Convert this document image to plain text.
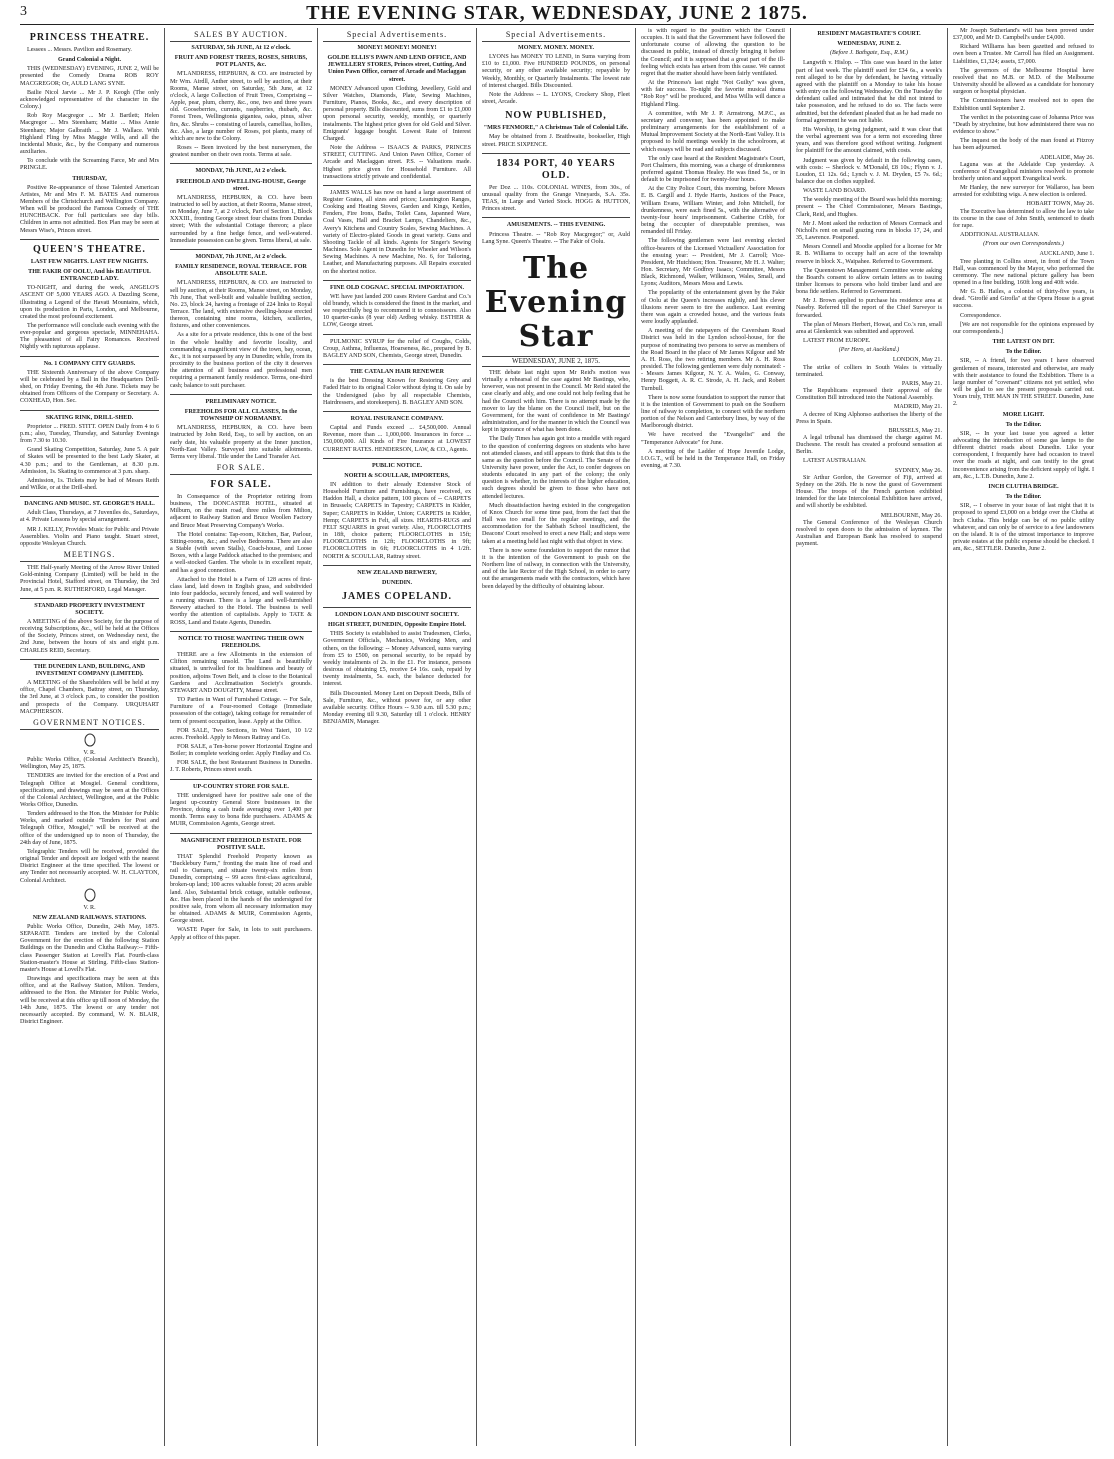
3	THE EVENING STAR, WEDNESDAY, JUNE 2 1875.
PRINCESS THEATRE.

Lessees ... Messrs. Pavilion and Rosemary.

Grand Colonial a Night.

THIS (WEDNESDAY) EVENING, JUNE 2, Will be presented the Comedy Drama ROB ROY MACGREGOR; Or, AULD LANG SYNE.

Bailie Nicol Jarvie ... Mr J. P. Keogh (The only acknowledged representative of the character in the Colony.)

Rob Roy Macgregor ... Mr J. Bartlett; Helen Macgregor ... Mrs Steenham; Mattie ... Miss Annie Steenham; Major Galbraith ... Mr J. Wallace. With Highland Fling by Miss Maggie Wills, and all the incidental Music, &c., by the Company and numerous auxiliaries.

To conclude with the Screaming Farce, Mr and Mrs PRINGLE.

THURSDAY,

Positive Re-appearance of those Talented American Artistes, Mr and Mrs F. M. BATES And numerous Members of the Christchurch and Wellington Company. When will be produced the Famous Comedy of THE HUNCHBACK. For full particulars see day bills. Children in arms not admitted. Box Plan may be seen at Messrs Wise's, Princes street.

QUEEN'S THEATRE.
LAST FEW NIGHTS. LAST FEW NIGHTS.
THE FAKIR OF OOLU, And his BEAUTIFUL ENTRANCED LADY.

TO-NIGHT, and during the week, ANGELO'S ASCENT OF 5,000 YEARS AGO. A Dazzling Scene, illustrating a Legend of the Havati Mountains, which, upon its production in Paris, London, and Melbourne, created the most profound excitement.

The performance will conclude each evening with the ever-popular and gorgeous spectacle, MINNEHAHA. The pleasantest of all Fairy Romances. Received Nightly with rapturous applause.

No. 1 COMPANY CITY GUARDS.

THE Sixteenth Anniversary of the above Company will be celebrated by a Ball in the Headquarters Drill-shed, on Friday Evening, the 4th June. Tickets may be obtained from Officers of the Company or Secretary. A. COXHEAD, Hon. Sec.

SKATING RINK, DRILL-SHED.

Proprietor ... FRED. STITT. OPEN Daily from 4 to 6 p.m.; also, Tuesday, Thursday, and Saturday Evenings from 7.30 to 10.30.

Grand Skating Competition, Saturday, June 5. A pair of Skates will be presented to the best Lady Skater, at 4.30 p.m.; and to the Gentleman, at 8.30 p.m. Admission, 1s. Skating to commence at 3 p.m. sharp.

Admission, 1s. Tickets may be had of Messrs Reith and Wilkie, or at the Drill-shed.

DANCING AND MUSIC. ST. GEORGE'S HALL.

Adult Class, Thursdays, at 7 Juveniles do., Saturdays, at 4. Private Lessons by special arrangement.

MR J. KELLY, Provides Music for Public and Private Assemblies. Violin and Piano taught. Stuart street, opposite Wesleyan Church.

MEETINGS.

THE Half-yearly Meeting of the Arrow River United Gold-mining Company (Limited) will be held in the Provincial Hotel, Stafford street, on Thursday, the 3rd June, at 5 p.m. R. RUTHERFORD, Legal Manager.

STANDARD PROPERTY INVESTMENT SOCIETY.

A MEETING of the above Society, for the purpose of receiving Subscriptions, &c., will be held at the Offices of the Society, Princes street, on Wednesday next, the 2nd June, between the hours of six and eight p.m. CHARLES REID, Secretary.

THE DUNEDIN LAND, BUILDING, AND INVESTMENT COMPANY (LIMITED).

A MEETING of the Shareholders will be held at my office, Chapel Chambers, Battray street, on Thursday, the 3rd June, at 3 o'clock p.m., to consider the position and prospects of the Company. URQUHART MACPHERSON.

GOVERNMENT NOTICES.
V. R.

Public Works Office, (Colonial Architect's Branch), Wellington, May 25, 1875.

TENDERS are invited for the erection of a Post and Telegraph Office at Mosgiel. General conditions, specifications, and drawings may be seen at the Offices of the Colonial Architect, Wellington, and at the Public Works Office, Dunedin.

Tenders addressed to the Hon. the Minister for Public Works, and marked outside "Tenders for Post and Telegraph Office, Mosgiel," will be received at the office of the undersigned up to noon of Thursday, the 24th day of June, 1875.

Telegraphic Tenders will be received, provided the original Tender and deposit are lodged with the nearest District Engineer at the time specified. The lowest or any Tender not necessarily accepted. W. H. CLAYTON, Colonial Architect.

V. R.
NEW ZEALAND RAILWAYS. STATIONS.

Public Works Office, Dunedin, 24th May, 1875. SEPARATE Tenders are invited by the Colonial Government for the erection of the following Station Buildings on the Dunedin and Clutha Railway:-- Fifth-class Passenger Station at Lovell's Flat. Fourth-class Station-master's House at Stirling. Fifth-class Station-master's House at Lovell's Flat.

Drawings and specifications may be seen at this office, and at the Railway Station, Milton. Tenders, addressed to the Hon. the Minister for Public Works, will be received at this office up till noon of Monday, the 14th June, 1875. The lowest or any tender not necessarily accepted. By command, W. N. BLAIR, District Engineer.

SALES BY AUCTION.
SATURDAY, 5th JUNE, At 12 o'clock.
FRUIT AND FOREST TREES, ROSES, SHRUBS, POT PLANTS, &c.

M'LANDRESS, HEPBURN, & CO. are instructed by Mr Wm. Airdll, Anther street, to sell by auction, at their Rooms, Manse street, on Saturday, 5th June, at 12 o'clock, A large Collection of Fruit Trees, Comprising -- Apple, pear, plum, cherry, &c., one, two and three years old. Gooseberries, currants, raspberries, rhubarb, &c. Forest Trees, Wellingtonia gigantea, oaks, pinus, silver firs, &c. Shrubs -- consisting of laurels, camellias, hollies, &c. Also, a large number of Roses, pot plants, many of which are new to the Colony.

Roses -- Been invoiced by the best nurserymen, the greatest number on their own roots. Terms at sale.

MONDAY, 7th JUNE, At 2 o'clock.
FREEHOLD AND DWELLING-HOUSE, George street.

M'LANDRESS, HEPBURN, & CO. have been instructed to sell by auction, at their Rooms, Manse street, on Monday, June 7, at 2 o'clock, Part of Section 1, Block XXXIII., fronting George street four chains from Dundas street; With the substantial Cottage thereon; a place surrounded by a fine hedge fence, and well-watered. Immediate possession can be given. Terms liberal, at sale.

MONDAY, 7th JUNE, At 2 o'clock.
FAMILY RESIDENCE, ROYAL TERRACE. FOR ABSOLUTE SALE.

M'LANDRESS, HEPBURN, & CO. are instructed to sell by auction, at their Rooms, Manse street, on Monday, 7th June, That well-built and valuable building section, No. 23, block 24, having a frontage of 224 links to Royal Terrace. The land, with extensive dwelling-house erected thereon, containing nine rooms, kitchen, sculleries, fixtures, and other conveniences.

As a site for a private residence, this is one of the best in the whole healthy and favorite locality, and commanding a magnificent view of the town, bay, ocean, &c., it is not surpassed by any in Dunedin; while, from its proximity to the business portion of the city it deserves the attention of all business and professional men requiring a permanent family residence. Terms, one-third cash; balance to suit purchaser.

PRELIMINARY NOTICE.
FREEHOLDS FOR ALL CLASSES, In the TOWNSHIP OF NORMANBY.

M'LANDRESS, HEPBURN, & CO. have been instructed by John Reid, Esq., to sell by auction, on an early date, his valuable property at the Inner junction, North-East Valley. Surveyed into suitable allotments. Terms very liberal. Title under the Land Transfer Act.

FOR SALE.
FOR SALE.

In Consequence of the Proprietor retiring from business, The DONCASTER HOTEL, situated at Milburn, on the main road, three miles from Milton, adjacent to Railway Station and Bruce Woollen Factory and Bruce Meat Preserving Company's Works.

The Hotel contains: Tap-room, Kitchen, Bar, Parlour, Sitting-rooms, &c.; and twelve Bedrooms. There are also a Stable (with seven Stalls), Coach-house, and Loose Boxes, with a large Paddock attached to the premises; and a well-stocked Garden. The whole is in excellent repair, and has a good connection.

Attached to the Hotel is a Farm of 128 acres of first-class land, laid down in English grass, and subdivided into four paddocks, securely fenced, and well watered by a running stream. There is a large and well-furnished Brewery attached to the Hotel. The business is well worthy the attention of capitalists. Apply to TATE & ROSS, Land and Estate Agents, Dunedin.

NOTICE TO THOSE WANTING THEIR OWN FREEHOLDS.

THERE are a few Allotments in the extension of Clifton remaining unsold. The Land is beautifully situated, is unrivalled for its healthiness and beauty of position, adjoins Town Belt, and is close to the Botanical Gardens and Acclimatisation Society's grounds. STEWART AND DOUGHTY, Manse street.

TO Parties in Want of Furnished Cottage. -- For Sale, Furniture of a Four-roomed Cottage (Immediate possession of the cottage), taking cottage for remainder of term of present occupation, lease. Apply at the Office.

FOR SALE, Two Sections, in West Taieri, 10 1/2 acres. Freehold. Apply to Messrs Rattray and Co.

FOR SALE, a Ten-horse power Horizontal Engine and Boiler; in complete working order. Apply Findlay and Co.

FOR SALE, the best Restaurant Business in Dunedin. J. T. Roberts, Princes street south.

UP-COUNTRY STORE FOR SALE.

THE undersigned have for positive sale one of the largest up-country General Store businesses in the Province, doing a cash trade averaging over 1,400 per month. Terms easy to bona fide purchasers. ADAMS & MUIR, Commission Agents, George street.

MAGNIFICENT FREEHOLD ESTATE. FOR POSITIVE SALE.

THAT Splendid Freehold Property known as "Bucklebury Farm," fronting the main line of road and rail to Oamaru, and situate twenty-six miles from Dunedin, comprising -- 99 acres first-class agricultural, broken-up land; 100 acres valuable forest; 20 acres arable land. Also, Substantial brick cottage, suitable outhouse, &c. Has been placed in the hands of the undersigned for positive sale, from whom all necessary information may be obtained. ADAMS & MUIR, Commission Agents, George street.

WASTE Paper for Sale, in lots to suit purchasers. Apply at office of this paper.

Special Advertisements.
MONEY! MONEY! MONEY!
GOLDE ELLIS'S PAWN AND LEND OFFICE, AND JEWELLERY STORES, Princes street, Cutting, And Union Pawn Office, corner of Arcade and Maclaggan street.

MONEY Advanced upon Clothing, Jewellery, Gold and Silver Watches, Diamonds, Plate, Sewing Machines, Furniture, Pianos, Books, &c., and every description of personal property. Bills discounted, sums from £1 to £1,000 upon personal security, weekly, monthly, or quarterly instalments. The highest price given for old Gold and Silver. Emigrants' luggage bought. Lowest Rate of Interest Charged.

Note the Address -- ISAACS & PARKS, PRINCES STREET, CUTTING. And Union Pawn Office, Corner of Arcade and Maclaggan street. P.S. -- Valuations made. Highest price given for Household Furniture. All transactions strictly private and confidential.

JAMES WALLS has now on hand a large assortment of Register Grates, all sizes and prices; Leamington Ranges, Cooking and Heating Stoves, Garden and Kings, Kettles, Fenders, Fire Irons, Baths, Toilet Cans, Japanned Ware, Coal Vases, Hall and Bracket Lamps, Chandeliers, &c., Avery's Kitchens and Country Scales, Sewing Machines. A variety of Electro-plated Goods in great variety. Guns and Shooting Tackle of all kinds. Agents for Singer's Sewing Machines. Sole Agent in Dunedin for Wheeler and Wilson's Sewing Machines. A new Machine, No. 6, for Tailoring, Leather, and Manufacturing purposes. All Repairs executed on the shortest notice.

FINE OLD COGNAC. SPECIAL IMPORTATION.

WE have just landed 200 cases Riviere Gardrat and Co.'s old brandy, which is considered the finest in the market, and we respectfully beg to recommend it to connoisseurs. Also 10 quarter-casks (8 year old) Ardbeg whisky. ESTHER & LOW, George street.

PULMONIC SYRUP for the relief of Coughs, Colds, Croup, Asthma, Influenza, Hoarseness, &c., prepared by B. BAGLEY AND SON, Chemists, George street, Dunedin.

THE CATALAN HAIR RENEWER

is the best Dressing Known for Restoring Grey and Faded Hair to its original Color without dying it. On sale by the Undersigned (also by all respectable Chemists, Hairdressers, and storekeepers). B. BAGLEY AND SON.

ROYAL INSURANCE COMPANY.

Capital and Funds exceed ... £4,500,000. Annual Revenue, more than ... 1,000,000. Insurances in force ... 150,000,000. All Kinds of Fire Insurance at LOWEST CURRENT RATES. HENDERSON, LAW, & CO., Agents.

PUBLIC NOTICE.
NORTH & SCOULLAR, IMPORTERS,

IN addition to their already Extensive Stock of Household Furniture and Furnishings, have received, ex Haddon Hall, a choice pattern, 100 pieces of -- CARPETS in Brussels; CARPETS in Tapestry; CARPETS in Kidder, Super; CARPETS in Kidder, Union; CARPETS in Kidder, Hemp; CARPETS in Felt, all sizes. HEARTH-RUGS and FELT SQUARES in great variety. Also, FLOORCLOTHS in 18ft, choice pattern; FLOORCLOTHS in 15ft; FLOORCLOTHS in 12ft; FLOORCLOTHS in 9ft; FLOORCLOTHS in 6ft; FLOORCLOTHS in 4 1/2ft. NORTH & SCOULLAR, Rattray street.

NEW ZEALAND BREWERY,
DUNEDIN.
JAMES COPELAND.
LONDON LOAN AND DISCOUNT SOCIETY.
HIGH STREET, DUNEDIN, Opposite Empire Hotel.

THIS Society is established to assist Tradesmen, Clerks, Government Officials, Mechanics, Working Men, and others, on the following: -- Money Advanced, sums varying from £5 to £500, on personal security, to be repaid by weekly instalments of 2s. in the £1. For instance, persons desirous of obtaining £5, receive £4 16s. cash, repaid by twenty instalments, 5s. each, the balance deducted for interest.

Bills Discounted. Money Lent on Deposit Deeds, Bills of Sale, Furniture, &c., without power for, or any other available security. Office Hours -- 9.30 a.m. till 5.30 p.m.; Monday evening till 9.30, Saturday till 1 o'clock. HENRY BENJAMIN, Manager.

Special Advertisements.
MONEY. MONEY. MONEY.

LYONS has MONEY TO LEND, in Sums varying from £10 to £1,000. Five HUNDRED POUNDS, on personal security, or any other available security; repayable by Weekly, Monthly, or Quarterly Instalments. The lowest rate of interest charged. Bills Discounted.

Note the Address -- L. LYONS, Crockery Shop, Fleet street, Arcade.

NOW PUBLISHED,
"MRS FENMORE," A Christmas Tale of Colonial Life.

May be obtained from J. Braithwaite, bookseller, High street. PRICE SIXPENCE.

1834 PORT, 40 YEARS OLD.

Per Doz ... 110s. COLONIAL WINES, from 30s., of unusual quality from the Grange Vineyards, S.A. 35s. TEAS, in Large and Varied Stock. HOGG & HUTTON, Princes street.

AMUSEMENTS. -- THIS EVENING.

Princess Theatre. -- "Rob Roy Macgregor;" or, Auld Lang Syne. Queen's Theatre. -- The Fakir of Oolu.

The Evening Star
WEDNESDAY, JUNE 2, 1875.

THE debate last night upon Mr Reid's motion was virtually a rehearsal of the case against Mr Bastings, who, however, was not present in the Council. Mr Reid stated the case clearly and ably, and one could not help feeling that he had the Council with him. There is no attempt made by the mover to lay the blame on the Council itself, but on the Government, for the want of confidence in Mr Bastings' administration, and for the manner in which the Council was kept in ignorance of what has been done.

The Daily Times has again got into a muddle with regard to the question of conferring degrees on students who have not attended classes, and still appears to think that this is the same as the question before the Council. The Senate of the University have power, under the Act, to confer degrees on students educated in any part of the colony; the only question is whether, in the interests of the higher education, such degrees should be given to those who have not attended lectures.

Much dissatisfaction having existed in the congregation of Knox Church for some time past, from the fact that the Hall was too small for the regular meetings, and the accommodation for the Sabbath School insufficient, the Deacons' Court resolved to erect a new Hall; and steps were taken at a meeting held last night with that object in view.

There is now some foundation to support the rumor that it is the intention of the Government to push on the Northern line of railway, in connection with the University, and of the late Rector of the High School, in order to carry out the arrangements made with the contractors, which have been delayed by the difficulty of obtaining labour.

is with regard to the position which the Council occupies. It is said that the Government have followed the unfortunate course of allowing the question to be discussed in public, instead of directly bringing it before the Council; and it is supposed that a great part of the ill-feeling which exists has arisen from this cause. We cannot regret that the matter should have been fairly ventilated.

At the Princess's last night "Not Guilty" was given, with fair success. To-night the favorite musical drama "Rob Roy" will be produced, and Miss Willis will dance a Highland Fling.

A committee, with Mr J. P. Armstrong, M.P.C., as secretary and convener, has been appointed to make preliminary arrangements for the establishment of a Mutual Improvement Society at the North-East Valley. It is proposed to hold meetings weekly in the schoolroom, at which essays will be read and subjects discussed.

The only case heard at the Resident Magistrate's Court, Port Chalmers, this morning, was a charge of drunkenness preferred against Thomas Healey. He was fined 5s., or in default to be imprisoned for twenty-four hours.

At the City Police Court, this morning, before Messrs E. B. Cargill and J. Hyde Harris, Justices of the Peace, William Evans, William Winter, and John Mitchell, for drunkenness, were each fined 5s., with the alternative of twenty-four hours' imprisonment. Catherine Cribb, for being the occupier of disreputable premises, was remanded till Friday.

The following gentlemen were last evening elected office-bearers of the Licensed Victuallers' Association for the ensuing year: -- President, Mr J. Carroll; Vice-President, Mr Hutchison; Hon. Treasurer, Mr H. J. Walter; Hon. Secretary, Mr Godfrey Isaacs; Committee, Messrs Black, Richmond, Walker, Wilkinson, Wales, Small, and Lyons; Auditors, Messrs Moss and Lewis.

The popularity of the entertainment given by the Fakir of Oolu at the Queen's increases nightly, and his clever illusions never seem to tire the audience. Last evening there was again a crowded house, and the various feats were loudly applauded.

A meeting of the ratepayers of the Caversham Road District was held in the Lyndon school-house, for the purpose of nominating two persons to serve as members of the Road Board in the place of Mr James Kilgour and Mr A. H. Ross, the two retiring members. Mr A. H. Ross presided. The following gentlemen were duly nominated: -- Messrs James Kilgour, N. Y. A. Wales, G. Conway, Henry Boggett, A. R. C. Strode, A. H. Jack, and Robert Turnbull.

There is now some foundation to support the rumor that it is the intention of Government to push on the Southern line of railway to completion, to connect with the northern portion of the Nelson and Canterbury lines, by way of the Marlborough district.

We have received the "Evangelist" and the "Temperance Advocate" for June.

A meeting of the Ladder of Hope Juvenile Lodge, I.O.G.T., will be held in the Temperance Hall, on Friday evening, at 7.30.

RESIDENT MAGISTRATE'S COURT.
WEDNESDAY, JUNE 2.
(Before J. Bathgate, Esq., R.M.)

Langwith v. Hislop. -- This case was heard in the latter part of last week. The plaintiff sued for £34 6s., a week's rent alleged to be due by defendant, he having virtually agreed with the plaintiff on a Monday to take his house with entry on the following Wednesday. On the Tuesday the defendant called and intimated that he did not intend to take possession, and he refused to do so. The facts were admitted, but the defendant pleaded that as he had made no formal agreement he was not liable.

His Worship, in giving judgment, said it was clear that the verbal agreement was for a term not exceeding three years, and was therefore good without writing. Judgment for plaintiff for the amount claimed, with costs.

Judgment was given by default in the following cases, with costs: -- Sherlock v. M'Donald, £8 10s.; Flynn v. J. Loudon, £1 12s. 6d.; Lynch v. J. M. Dryden, £5 7s. 6d.; balance due on clothes supplied.

WASTE LAND BOARD.

The weekly meeting of the Board was held this morning; present -- The Chief Commissioner, Messrs Bastings, Clark, Reid, and Hughes.

Mr J. Mont asked the reduction of Messrs Cormack and Nicholl's rent on small grazing runs in blocks 17, 24, and 35, Lawrence. Postponed.

Messrs Connell and Moodie applied for a license for Mr R. B. Williams to occupy half an acre of the township reserve in block X., Waipahee. Referred to Government.

The Queenstown Management Committee wrote asking the Board's consent to allow certain letters as to issuing timber licenses to persons who hold timber land and are bona fide settlers. Referred to Government.

Mr J. Brown applied to purchase his residence area at Naseby. Referred till the report of the Chief Surveyor is forwarded.

The plan of Messrs Herbert, Howat, and Co.'s run, small area at Glenkenick was submitted and approved.

LATEST FROM EUROPE.

(Per Hero, at Auckland.)
LONDON, May 21.

The strike of colliers in South Wales is virtually terminated.

PARIS, May 21.

The Republicans expressed their approval of the Constitution Bill introduced into the National Assembly.

MADRID, May 21.

A decree of King Alphonso authorises the liberty of the Press in Spain.

BRUSSELS, May 21.

A legal tribunal has dismissed the charge against M. Duchesne. The result has created a profound sensation at Berlin.

LATEST AUSTRALIAN.

SYDNEY, May 26.

Sir Arthur Gordon, the Governor of Fiji, arrived at Sydney on the 26th. He is now the guest of Government House. The troops of the French garrison exhibited intended for the late Intercolonial Exhibition have arrived, and will shortly be exhibited.

MELBOURNE, May 26.

The General Conference of the Wesleyan Church resolved to open doors to the admission of laymen. The Australian and European Bank has resolved to suspend payment.

Mr Joseph Sutherland's will has been proved under £37,000, and Mr D. Campbell's under £4,000.

Richard Williams has been gazetted and refused to own been a Trustee. Mr Carroll has filed an Assignment. Liabilities, £1,324; assets, £7,000.

The governors of the Melbourne Hospital have resolved that no M.B. or M.D. of the Melbourne University should be allowed as a candidate for honorary surgeon or hospital physician.

The Commissioners have resolved not to open the Exhibition until September 2.

The verdict in the poisoning case of Johanna Price was "Death by strychnine, but how administered there was no evidence to show."

The inquest on the body of the man found at Fitzroy has been adjourned.

ADELAIDE, May 26.

Laguna was at the Adelaide Cup yesterday. A conference of Evangelical ministers resolved to promote brotherly union and support Evangelical work.

Mr Hanley, the new surveyor for Wallaroo, has been arrested for exhibiting wigs. A new election is ordered.

HOBART TOWN, May 26.

The Executive has determined to allow the law to take its course in the case of John Smith, sentenced to death for rape.

ADDITIONAL AUSTRALIAN.

(From our own Correspondents.)
AUCKLAND, June 1.

Tree planting in Collins street, in front of the Town Hall, was commenced by the Mayor, who performed the ceremony. The new national picture gallery has been opened in a fine building, 160ft long and 40ft wide.

Mr G. B. Hailes, a colonist of thirty-five years, is dead. "Giroflé and Girofla" at the Opera House is a great success.

Correspondence.

[We are not responsible for the opinions expressed by our correspondents.]

THE LATEST ON DIT.
To the Editor.

SIR, -- A friend, for two years I have observed gentlemen of means, interested and otherwise, are ready with their assistance to found the Exhibition. There is a large number of "covenant" citizens not yet settled, who will be glad to see the present proposals carried out. Yours truly, THE MAN IN THE STREET. Dunedin, June 2.

MORE LIGHT.
To the Editor.

SIR, -- In your last issue you agreed a letter advocating the introduction of some gas lamps to the different district roads about Dunedin. Like your correspondent, I frequently have had occasion to travel over the roads at night, and can testify to the great inconvenience arising from the deficient supply of light. I am, &c., L.T.B. Dunedin, June 2.

INCH CLUTHA BRIDGE.
To the Editor.

SIR, -- I observe in your issue of last night that it is proposed to spend £3,000 on a bridge over the Clutha at Inch Clutha. This bridge can be of no public utility whatever, and can only be of service to a few landowners on the island. It is of the utmost importance to improve private estates at the public expense should be checked. I am, &c., SETTLER. Dunedin, June 2.
